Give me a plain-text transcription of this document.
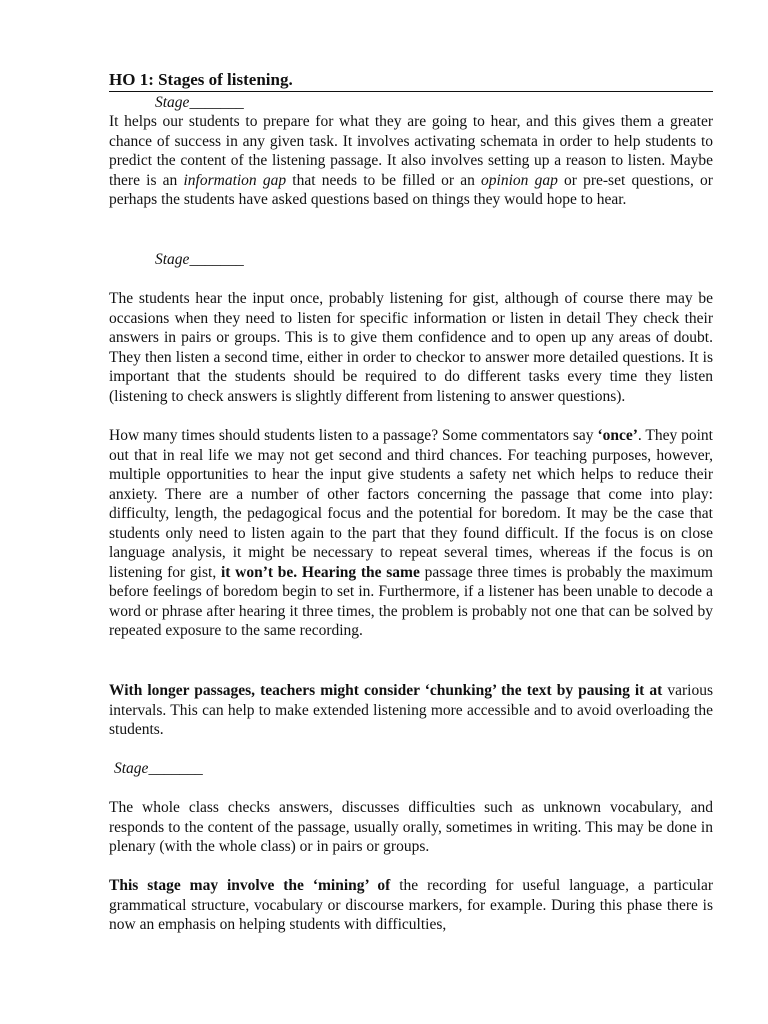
HO 1: Stages of listening.
Stage_______
It helps our students to prepare for what they are going to hear, and this gives them a greater chance of success in any given task. It involves activating schemata in order to help students to predict the content of the listening passage. It also involves setting up a reason to listen. Maybe there is an information gap that needs to be filled or an opinion gap or pre-set questions, or perhaps the students have asked questions based on things they would hope to hear.
Stage_______
The students hear the input once, probably listening for gist, although of course there may be occasions when they need to listen for specific information or listen in detail They check their answers in pairs or groups. This is to give them confidence and to open up any areas of doubt. They then listen a second time, either in order to checkor to answer more detailed questions. It is important that the students should be required to do different tasks every time they listen (listening to check answers is slightly different from listening to answer questions).
How many times should students listen to a passage? Some commentators say ‘once’. They point out that in real life we may not get second and third chances. For teaching purposes, however, multiple opportunities to hear the input give students a safety net which helps to reduce their anxiety. There are a number of other factors concerning the passage that come into play: difficulty, length, the pedagogical focus and the potential for boredom. It may be the case that students only need to listen again to the part that they found difficult. If the focus is on close language analysis, it might be necessary to repeat several times, whereas if the focus is on listening for gist, it won’t be. Hearing the same passage three times is probably the maximum before feelings of boredom begin to set in. Furthermore, if a listener has been unable to decode a word or phrase after hearing it three times, the problem is probably not one that can be solved by repeated exposure to the same recording.
With longer passages, teachers might consider ‘chunking’ the text by pausing it at various intervals. This can help to make extended listening more accessible and to avoid overloading the students.
Stage_______
The whole class checks answers, discusses difficulties such as unknown vocabulary, and responds to the content of the passage, usually orally, sometimes in writing. This may be done in plenary (with the whole class) or in pairs or groups.
This stage may involve the ‘mining’ of the recording for useful language, a particular grammatical structure, vocabulary or discourse markers, for example. During this phase there is now an emphasis on helping students with difficulties,
